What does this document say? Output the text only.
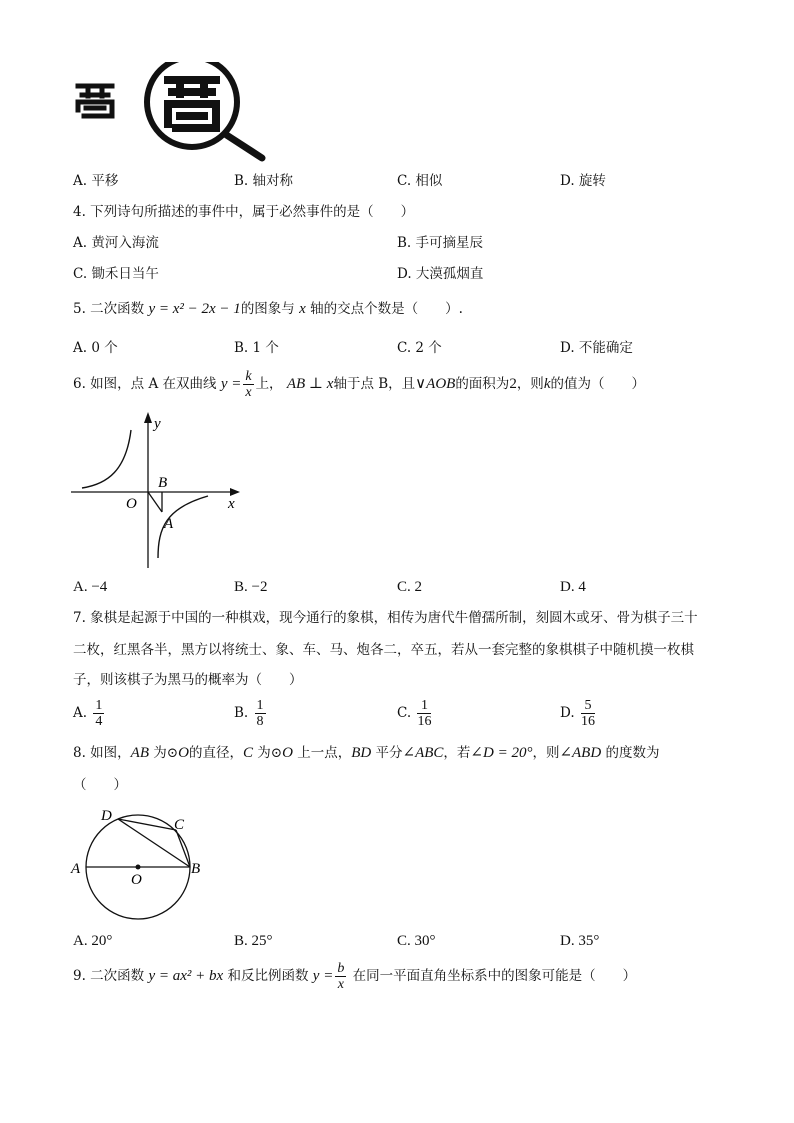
A. 平移	B. 轴对称	C. 相似	D. 旋转
4. 下列诗句所描述的事件中，属于必然事件的是（　　）
A. 黄河入海流	B. 手可摘星辰
C. 锄禾日当午	D. 大漠孤烟直
5. 二次函数 y = x² − 2x − 1的图象与 x 轴的交点个数是（　　）.
A. 0 个	B. 1 个	C. 2 个	D. 不能确定
6. 如图，点 A 在双曲线 $y = \frac{k}{x}$ 上， AB ⊥ x轴于点 B，且∨AOB的面积为2，则k的值为（　　）
y
x
O
B
A
A. −4	B. −2	C. 2	D. 4
7. 象棋是起源于中国的一种棋戏，现今通行的象棋，相传为唐代牛僧孺所制，刻圆木或牙、骨为棋子三十
二枚，红黑各半，黑方以将统士、象、车、马、炮各二，卒五，若从一套完整的象棋棋子中随机摸一枚棋
子，则该棋子为黑马的概率为（　　）
A. $\frac{1}{4}$	B. $\frac{1}{8}$	C. $\frac{1}{16}$	D. $\frac{5}{16}$
8. 如图，AB 为⊙O的直径，C 为⊙O 上一点，BD 平分∠ABC，若∠D = 20°，则∠ABD 的度数为
（　　）
D
C
A
O
B
A. 20°	B. 25°	C. 30°	D. 35°
9. 二次函数 y = ax² + bx 和反比例函数 $y = \frac{b}{x}$ 在同一平面直角坐标系中的图象可能是（　　）
